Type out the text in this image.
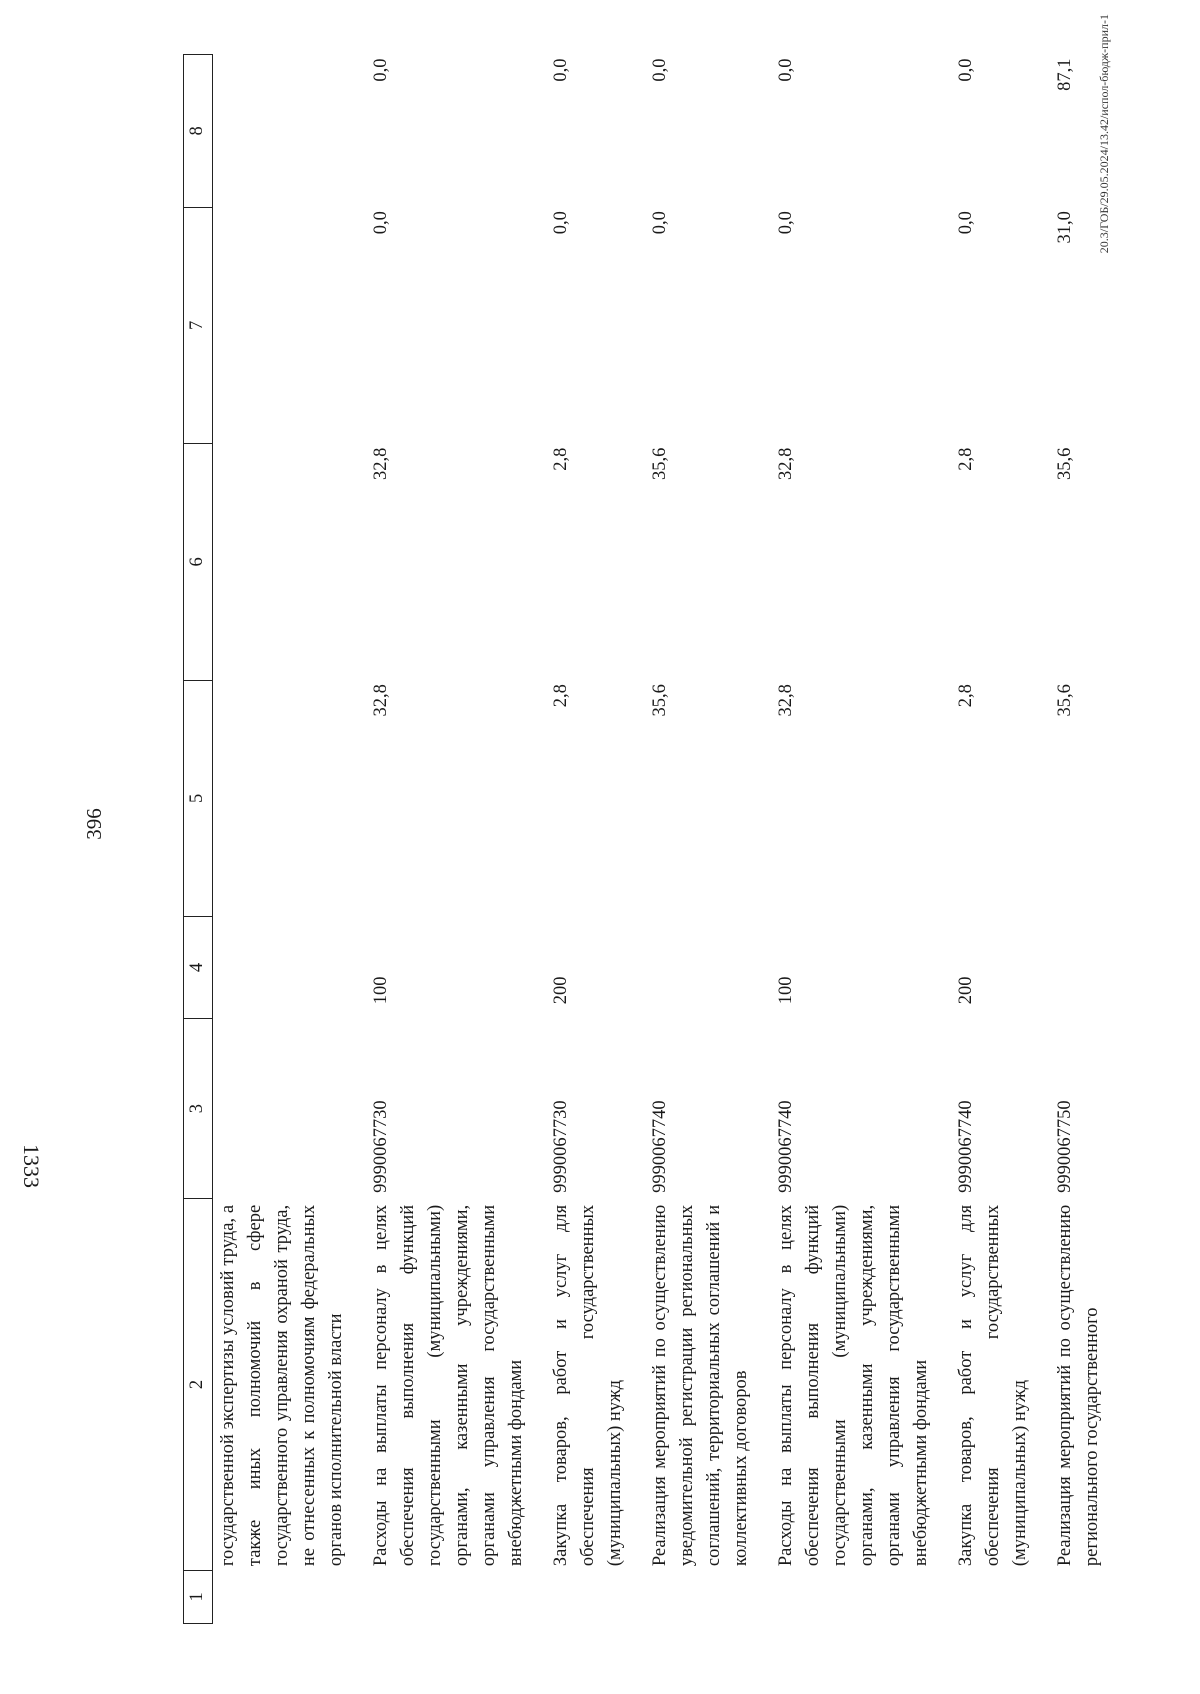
396
1	2	3	4	5	6	7	8
	государственной экспертизы условий труда, а также иных полномочий в сфере государственного управления охраной труда, не отнесенных к полномочиям федеральных органов исполнительной власти						

	Расходы на выплаты персоналу в целях обеспечения выполнения функций государственными (муниципальными) органами, казенными учреждениями, органами управления государственными внебюджетными фондами	9990067730	100	32,8	32,8	0,0	0,0

	Закупка товаров, работ и услуг для обеспечения государственных (муниципальных) нужд	9990067730	200	2,8	2,8	0,0	0,0

	Реализация мероприятий по осуществлению уведомительной регистрации региональных соглашений, территориальных соглашений и коллективных договоров	9990067740		35,6	35,6	0,0	0,0

	Расходы на выплаты персоналу в целях обеспечения выполнения функций государственными (муниципальными) органами, казенными учреждениями, органами управления государственными внебюджетными фондами	9990067740	100	32,8	32,8	0,0	0,0

	Закупка товаров, работ и услуг для обеспечения государственных (муниципальных) нужд	9990067740	200	2,8	2,8	0,0	0,0

	Реализация мероприятий по осуществлению регионального государственного	9990067750		35,6	35,6	31,0	87,1 20.3/ГОБ/29.05.2024/13.42/испол-бюдж-прил-1
1333
